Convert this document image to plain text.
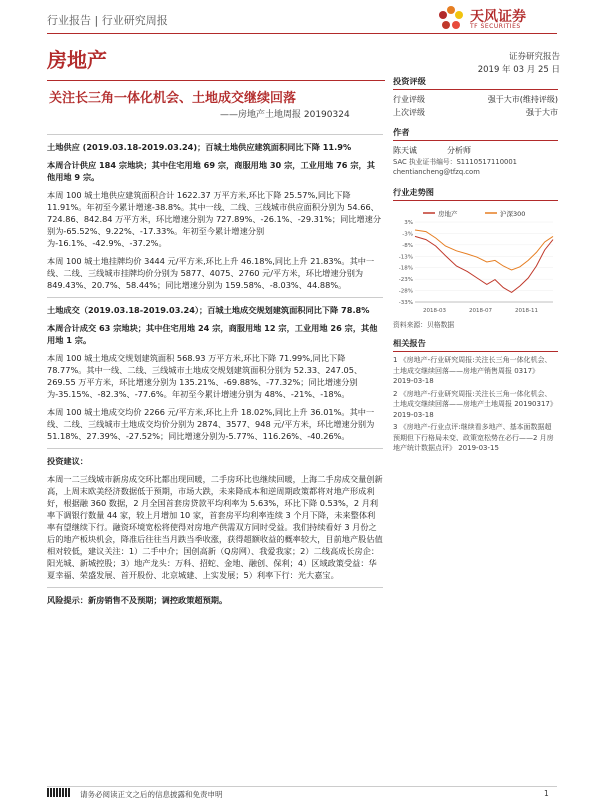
行业报告 | 行业研究周报	天风证券
TF SECURITIES
房地产	证券研究报告
2019 年 03 月 25 日
关注长三角一体化机会、土地成交继续回落
——房地产土地周报 20190324

土地供应 (2019.03.18-2019.03.24)；百城土地供应建筑面积同比下降 11.9%

本周合计供应 184 宗地块；其中住宅用地 69 宗，商服用地 30 宗，工业用地 76 宗，其他用地 9 宗。

本周 100 城土地供应建筑面积合计 1622.37 万平方米,环比下降 25.57%,同比下降 11.91%。年初至今累计增速-38.8%。其中一线、二线、三线城市供应面积分别为 54.66、724.86、842.84 万平方米，环比增速分别为 727.89%、-26.1%、-29.31%；同比增速分别为-65.52%、9.22%、-17.33%。年初至今累计增速分别为-16.1%、-42.9%、-37.2%。

本周 100 城土地挂牌均价 3444 元/平方米,环比上升 46.18%,同比上升 21.83%。其中一线、二线、三线城市挂牌均价分别为 5877、4075、2760 元/平方米，环比增速分别为 849.43%、20.7%、58.44%；同比增速分别为 159.58%、-8.03%、44.88%。

土地成交（2019.03.18-2019.03.24）；百城土地成交规划建筑面积同比下降 78.8%

本周合计成交 63 宗地块；其中住宅用地 24 宗，商服用地 12 宗，工业用地 26 宗，其他用地 1 宗。

本周 100 城土地成交规划建筑面积 568.93 万平方米,环比下降 71.99%,同比下降 78.77%。其中一线、二线、三线城市土地成交规划建筑面积分别为 52.33、247.05、269.55 万平方米，环比增速分别为 135.21%、-69.88%、-77.32%；同比增速分别为-35.15%、-82.3%、-77.6%。年初至今累计增速分别为 48%、-21%、-18%。

本周 100 城土地成交均价 2266 元/平方米,环比上升 18.02%,同比上升 36.01%。其中一线、二线、三线城市土地成交均价分别为 2874、3577、948 元/平方米，环比增速分别为 51.18%、27.39%、-27.52%；同比增速分别为-5.77%、116.26%、-40.26%。

投资建议：

本周一二三线城市新房成交环比都出现回暖，二手房环比也继续回暖，上海二手房成交量创新高，上周末欧美经济数据低于预期，市场大跌，未来降成本和逆周期政策都将对地产形成利好，根据融 360 数据，2 月全国首套房贷款平均利率为 5.63%，环比下降 0.53%，2 月利率下调银行数量 44 家，较上月增加 10 家，首套房平均利率连续 3 个月下降，未来整体利率有望继续下行。融资环境宽松将使得对房地产供需双方同时受益。我们持续看好 3 月份之后的地产板块机会，降准后往往当月跌当季收涨，获得超额收益的概率较大，目前地产股估值相对较低，建议关注：1）二手中介；国创高新（Q房网）、我爱我家；2）二线高成长房企：阳光城、新城控股；3）地产龙头：万科、招蛇、金地、融创、保利；4）区域政策受益：华夏幸福、荣盛发展、首开股份、北京城建、上实发展；5）利率下行：光大嘉宝。

风险提示：新房销售不及预期；调控政策超预期。

投资评级
行业评级	强于大市(维持评级)
上次评级	强于大市
作者
陈天诚	分析师
SAC 执业证书编号：S1110517110001
chentiancheng@tfzq.com
行业走势图
房地产	沪深300
3%
-3%
-8%
-13%
-18%
-23%
-28%
-33%
2018-03	2018-07	2018-11
资料来源：贝格数据
相关报告
1 《房地产-行业研究周报:关注长三角一体化机会、土地成交继续回落——房地产销售周报 0317》 2019-03-18
2 《房地产-行业研究周报:关注长三角一体化机会、土地成交继续回落——房地产土地周报 20190317》 2019-03-18
3 《房地产-行业点评:继续看多地产、基本面数据超预期但下行格局未变、政策宽松势在必行——2 月房地产统计数据点评》 2019-03-15
请务必阅读正文之后的信息披露和免责申明	1
